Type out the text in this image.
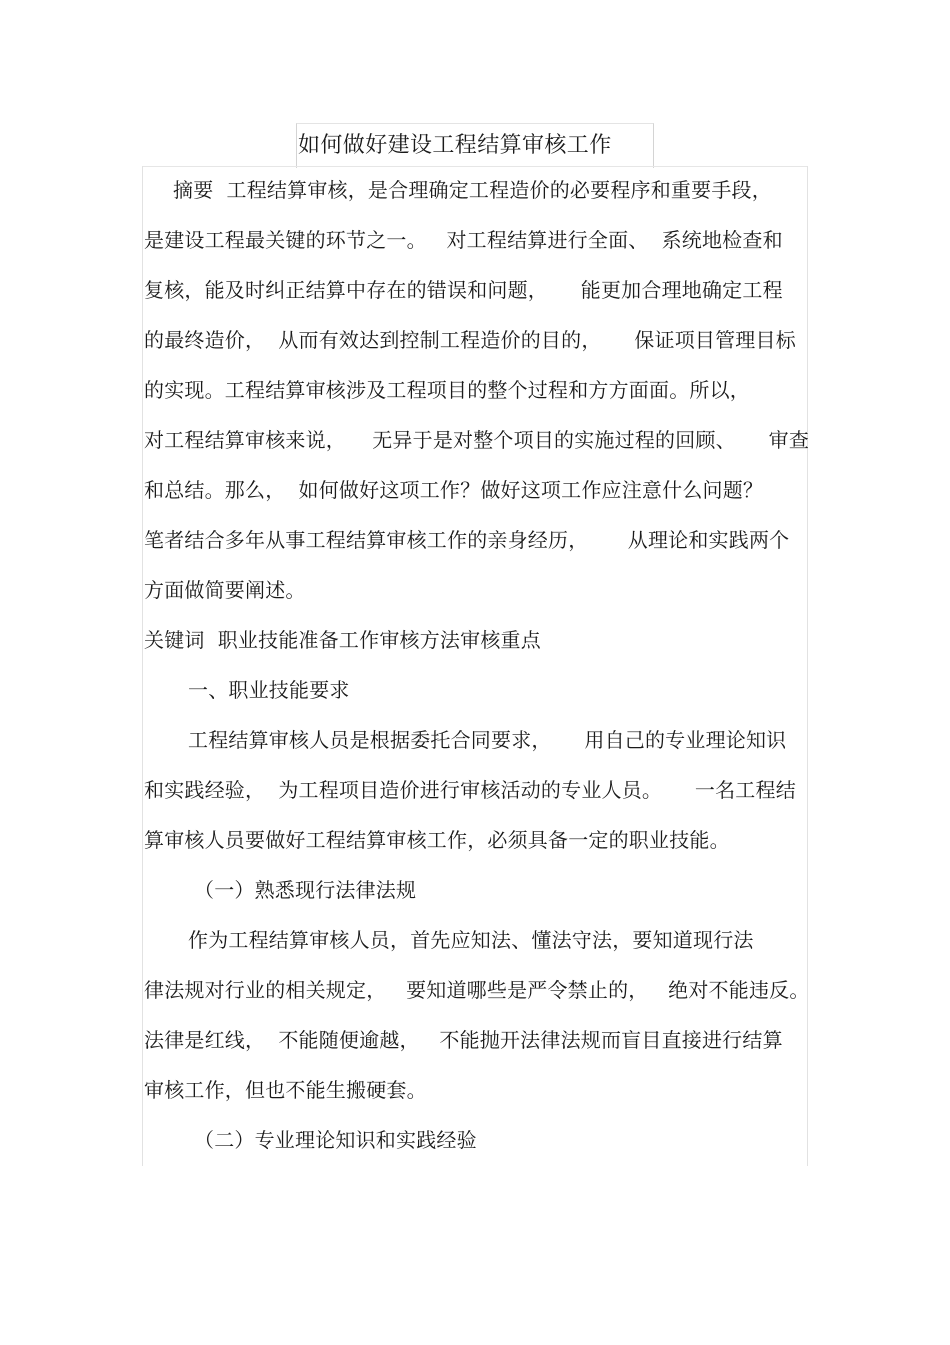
如何做好建设工程结算审核工作
摘要  工程结算审核，是合理确定工程造价的必要程序和重要手段，
是建设工程最关键的环节之一。   对工程结算进行全面、  系统地检查和
复核，能及时纠正结算中存在的错误和问题，     能更加合理地确定工程
的最终造价，  从而有效达到控制工程造价的目的，     保证项目管理目标
的实现。工程结算审核涉及工程项目的整个过程和方方面面。所以，
对工程结算审核来说，    无异于是对整个项目的实施过程的回顾、     审查
和总结。那么，  如何做好这项工作？做好这项工作应注意什么问题？
笔者结合多年从事工程结算审核工作的亲身经历，      从理论和实践两个
方面做简要阐述。
关键词  职业技能准备工作审核方法审核重点
一、职业技能要求
工程结算审核人员是根据委托合同要求，     用自己的专业理论知识
和实践经验，  为工程项目造价进行审核活动的专业人员。     一名工程结
算审核人员要做好工程结算审核工作，必须具备一定的职业技能。
（一）熟悉现行法律法规
作为工程结算审核人员，首先应知法、懂法守法，要知道现行法
律法规对行业的相关规定，   要知道哪些是严令禁止的，   绝对不能违反。
法律是红线，  不能随便逾越，   不能抛开法律法规而盲目直接进行结算
审核工作，但也不能生搬硬套。
（二）专业理论知识和实践经验
